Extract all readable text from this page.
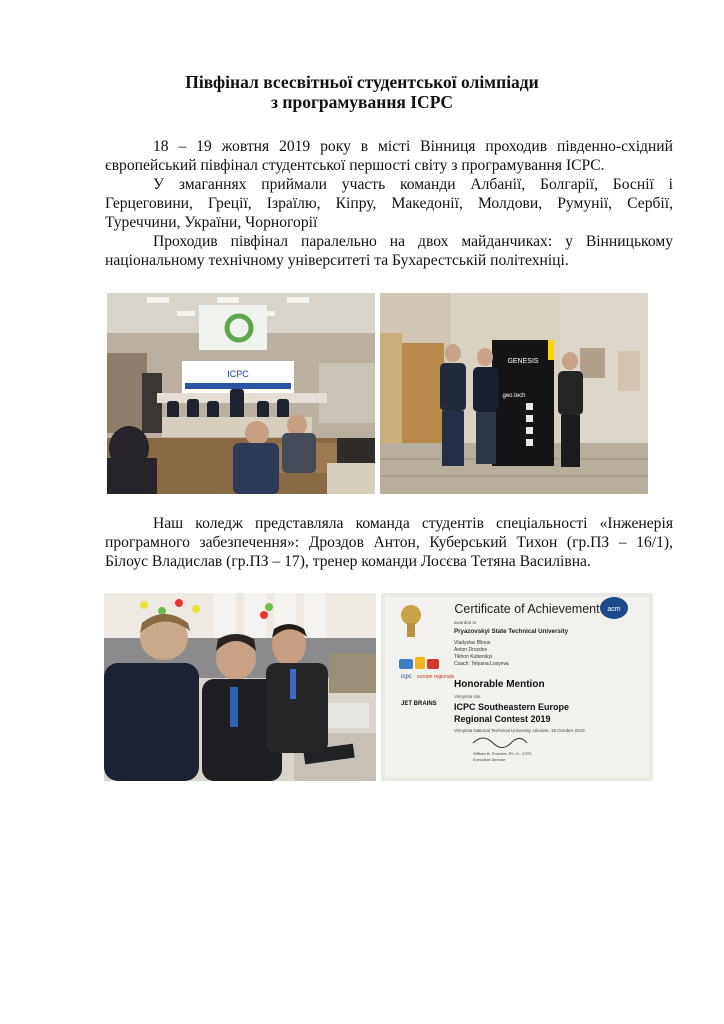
Півфінал всесвітньої студентської олімпіади
з програмування ICPC

18 – 19 жовтня 2019 року в місті Вінниця проходив південно-східний європейський півфінал студентської першості світу з програмування ICPC.

У змаганнях приймали участь команди Албанії, Болгарії, Боснії і Герцеговини, Греції, Ізраїлю, Кіпру, Македонії, Молдови, Румунії, Сербії, Туреччини, України, Чорногорії

Проходив півфінал паралельно на двох майданчиках: у Вінницькому національному технічному університеті та Бухарестській політехніці.

ICPC
GENESIS
geo.tech

Наш коледж представляла команда студентів спеціальності «Інженерія програмного забезпечення»: Дроздов Антон, Куберський Тихон (гр.ПЗ – 16/1), Білоус Владислав (гр.ПЗ – 17), тренер команди Лосєва Тетяна Василівна.

Certificate of Achievement acm
awarded to
Pryazovskyi State Technical University
Vladyslav Bilous
Anton Drozdov
Tikhon Kuberskyi
Coach: Tetyana Losyeva
icpc europe regionals
Honorable Mention
Vinnytsia site
JET BRAINS ICPC Southeastern Europe
Regional Contest 2019
Vinnytsia National Technical University, Ukraine, 19 October 2019
William B. Poucher, Ph. D., ICPC
Executive Director
